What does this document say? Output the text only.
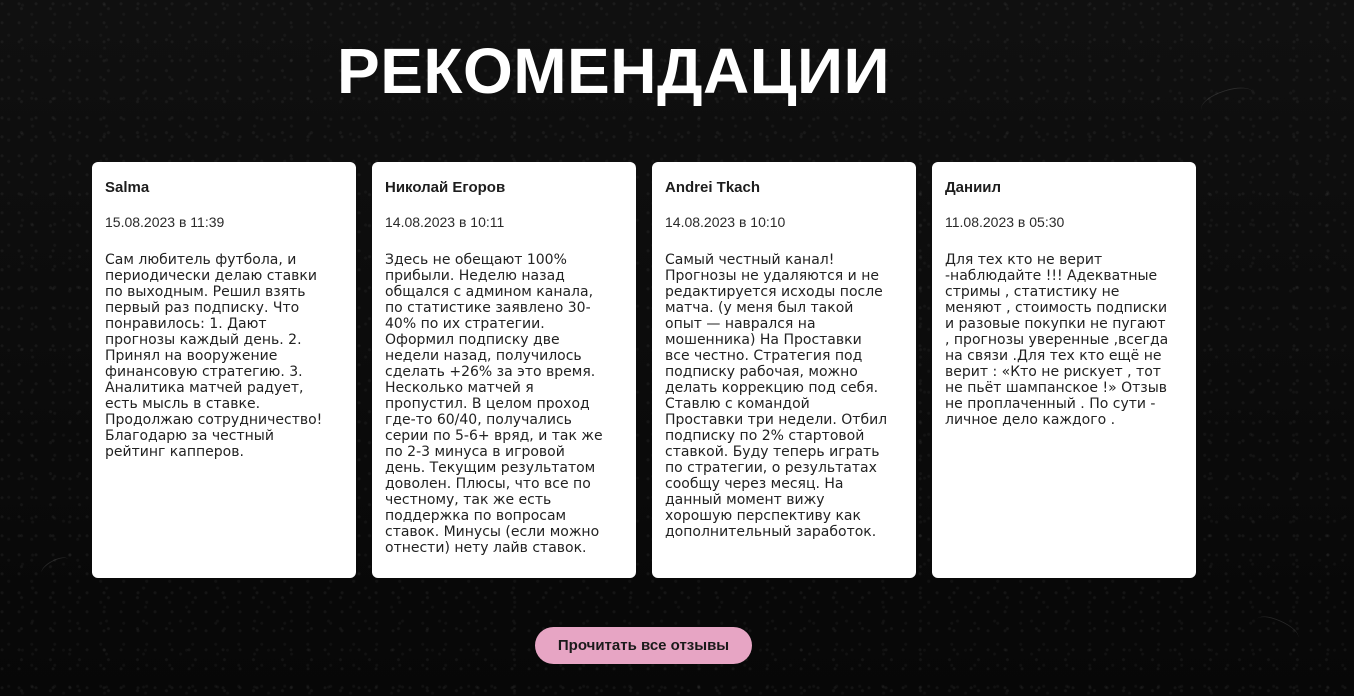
РЕКОМЕНДАЦИИ
Salma
15.08.2023 в 11:39
Сам любитель футбола, и
периодически делаю ставки
по выходным. Решил взять
первый раз подписку. Что
понравилось: 1. Дают
прогнозы каждый день. 2.
Принял на вооружение
финансовую стратегию. 3.
Аналитика матчей радует,
есть мысль в ставке.
Продолжаю сотрудничество!
Благодарю за честный
рейтинг капперов.
Николай Егоров
14.08.2023 в 10:11
Здесь не обещают 100%
прибыли. Неделю назад
общался с админом канала,
по статистике заявлено 30-
40% по их стратегии.
Оформил подписку две
недели назад, получилось
сделать +26% за это время.
Несколько матчей я
пропустил. В целом проход
где-то 60/40, получались
серии по 5-6+ вряд, и так же
по 2-3 минуса в игровой
день. Текущим результатом
доволен. Плюсы, что все по
честному, так же есть
поддержка по вопросам
ставок. Минусы (если можно
отнести) нету лайв ставок.
Andrei Tkach
14.08.2023 в 10:10
Самый честный канал!
Прогнозы не удаляются и не
редактируется исходы после
матча. (у меня был такой
опыт — наврался на
мошенника) На Проставки
все честно. Стратегия под
подписку рабочая, можно
делать коррекцию под себя.
Ставлю с командой
Проставки три недели. Отбил
подписку по 2% стартовой
ставкой. Буду теперь играть
по стратегии, о результатах
сообщу через месяц. На
данный момент вижу
хорошую перспективу как
дополнительный заработок.
Даниил
11.08.2023 в 05:30
Для тех кто не верит
-наблюдайте !!! Адекватные
стримы , статистику не
меняют , стоимость подписки
и разовые покупки не пугают
, прогнозы уверенные ,всегда
на связи .Для тех кто ещё не
верит : «Кто не рискует , тот
не пьёт шампанское !» Отзыв
не проплаченный . По сути -
личное дело каждого .
Прочитать все отзывы
